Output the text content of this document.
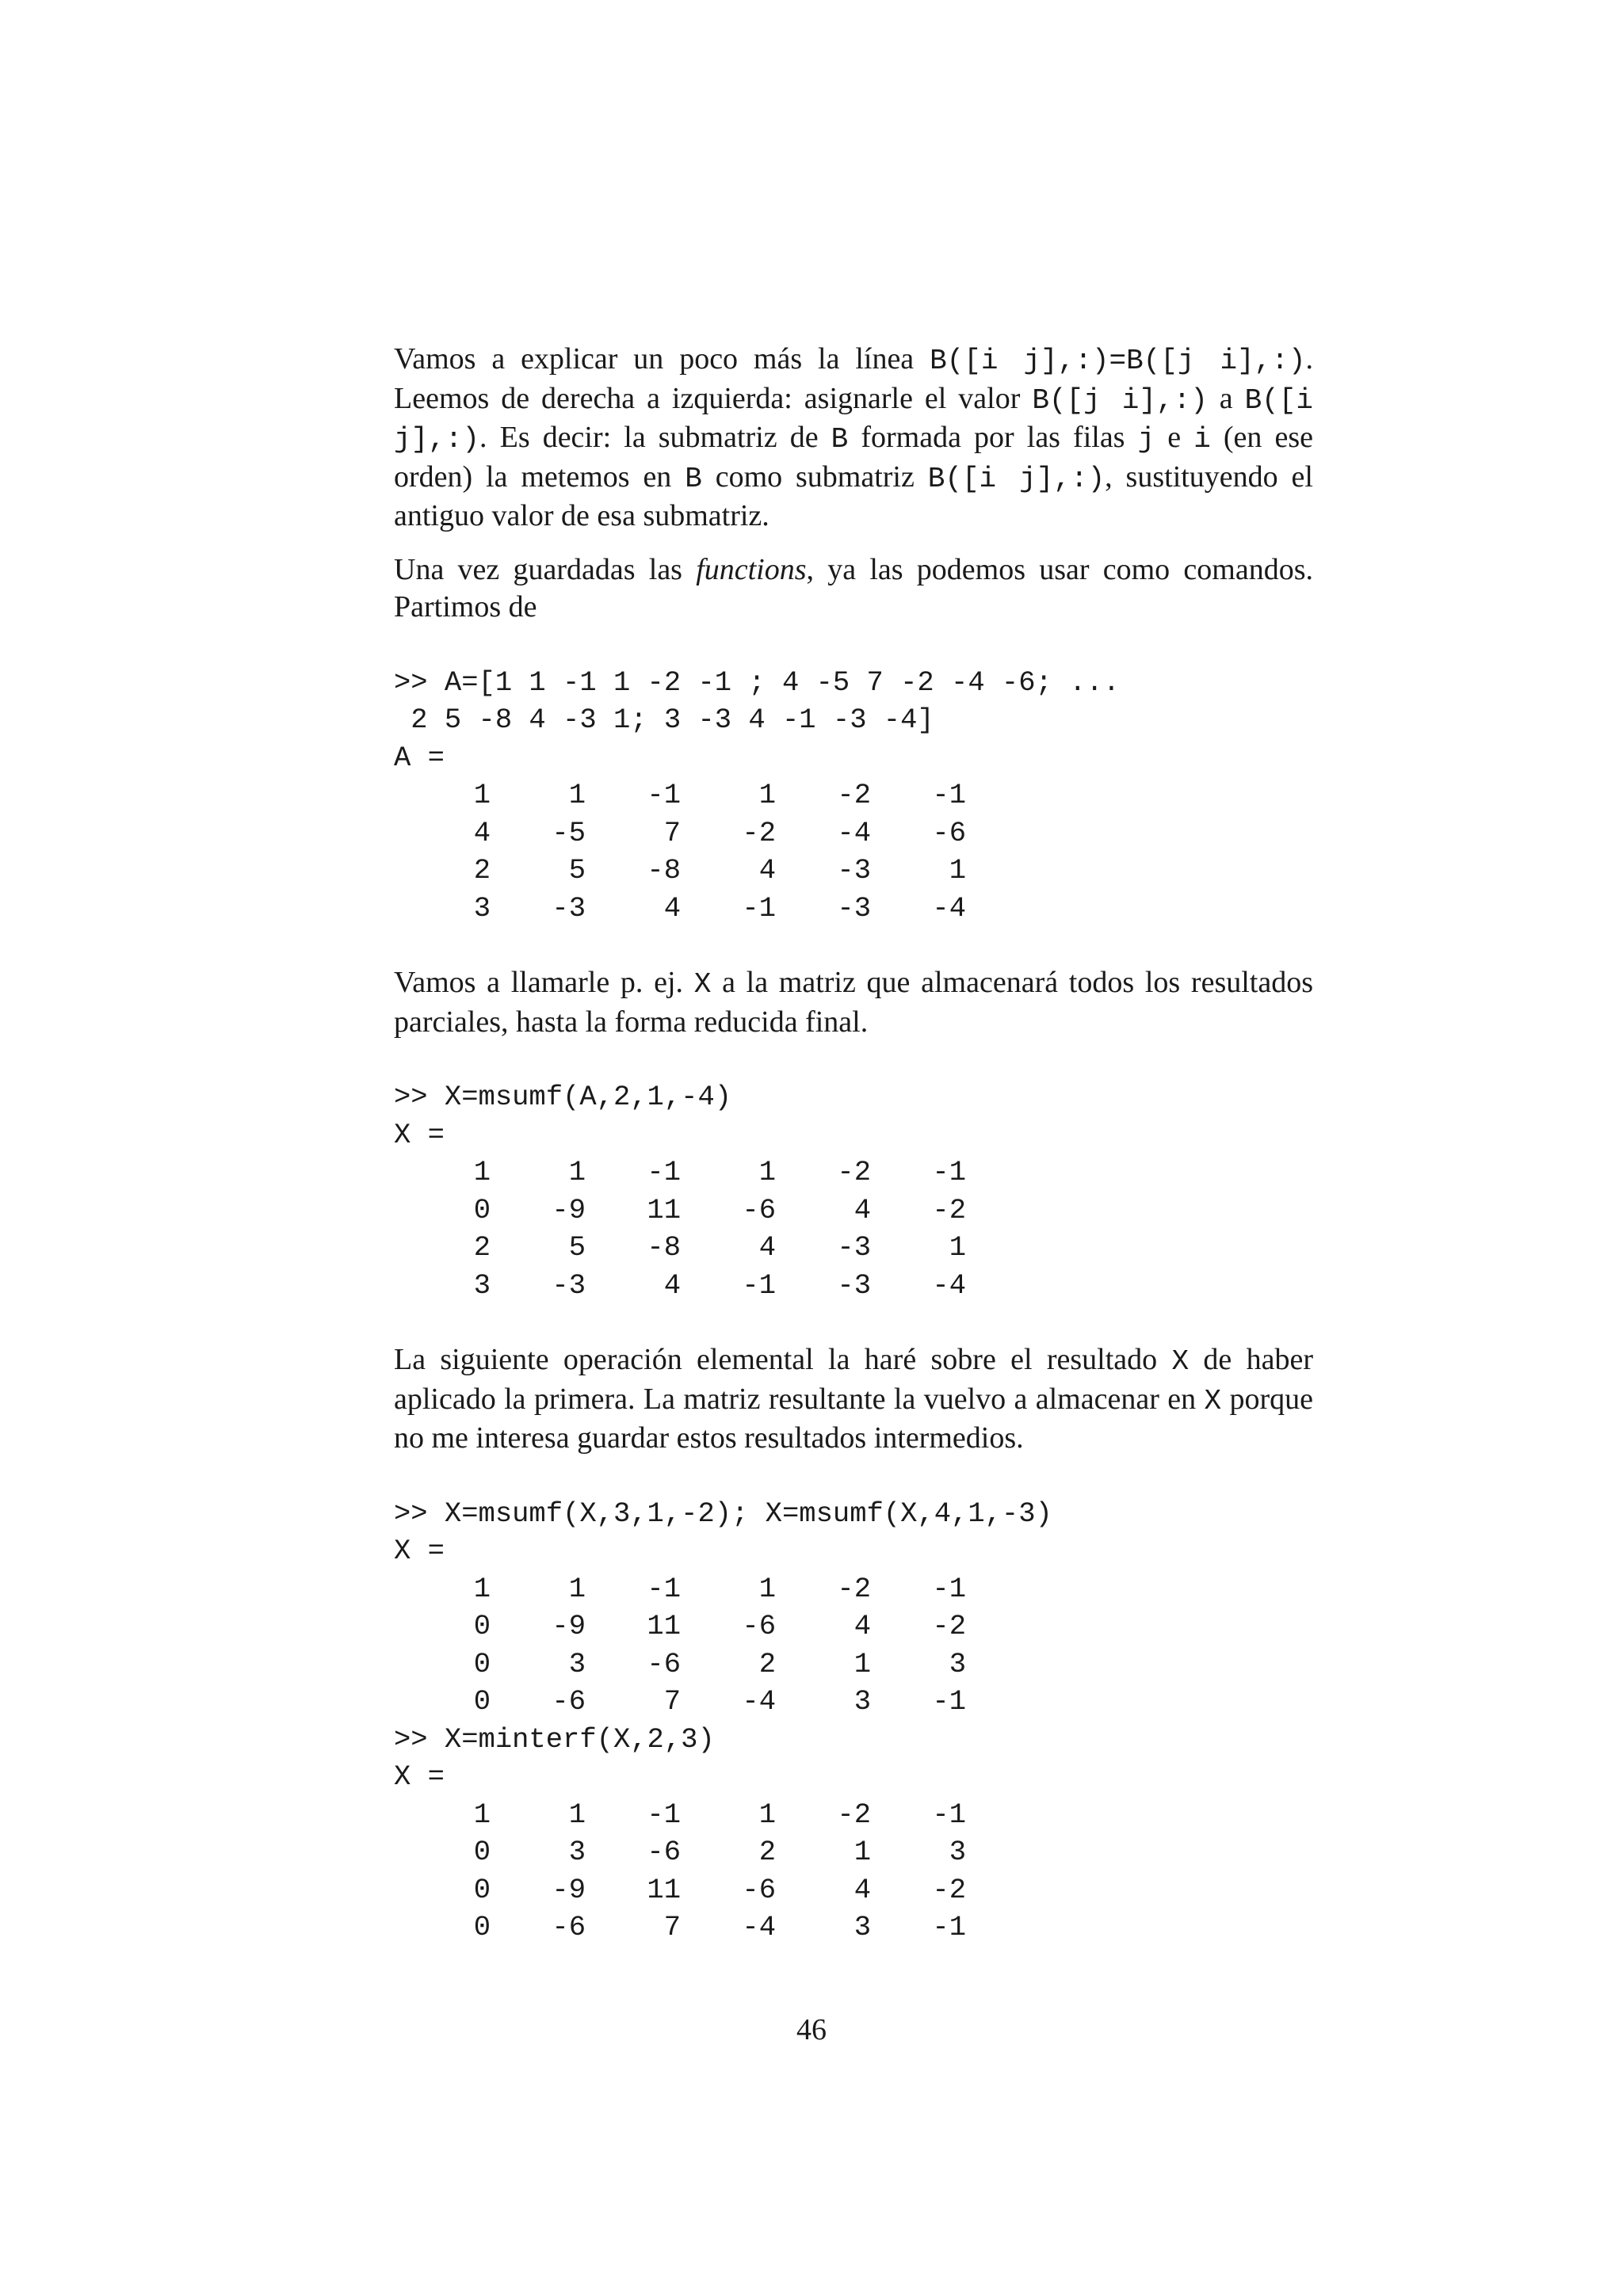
Vamos a explicar un poco más la línea B([i j],:)=B([j i],:). Leemos de derecha a izquierda: asignarle el valor B([j i],:) a B([i j],:). Es decir: la submatriz de B formada por las filas j e i (en ese orden) la metemos en B como submatriz B([i j],:), sustituyendo el antiguo valor de esa submatriz.

Una vez guardadas las functions, ya las podemos usar como comandos. Partimos de

>> A=[1 1 -1 1 -2 -1 ; 4 -5 7 -2 -4 -6; ...
2 5 -8 4 -3 1; 3 -3 4 -1 -3 -4]
A =
1	1	-1	1	-2	-1
4	-5	7	-2	-4	-6
2	5	-8	4	-3	1
3	-3	4	-1	-3	-4

Vamos a llamarle p. ej. X a la matriz que almacenará todos los resultados parciales, hasta la forma reducida final.

>> X=msumf(A,2,1,-4)
X =
1	1	-1	1	-2	-1
0	-9	11	-6	4	-2
2	5	-8	4	-3	1
3	-3	4	-1	-3	-4

La siguiente operación elemental la haré sobre el resultado X de haber aplicado la primera. La matriz resultante la vuelvo a almacenar en X porque no me interesa guardar estos resultados intermedios.

>> X=msumf(X,3,1,-2); X=msumf(X,4,1,-3)
X =
1	1	-1	1	-2	-1
0	-9	11	-6	4	-2
0	3	-6	2	1	3
0	-6	7	-4	3	-1
>> X=minterf(X,2,3)
X =
1	1	-1	1	-2	-1
0	3	-6	2	1	3
0	-9	11	-6	4	-2
0	-6	7	-4	3	-1
46
